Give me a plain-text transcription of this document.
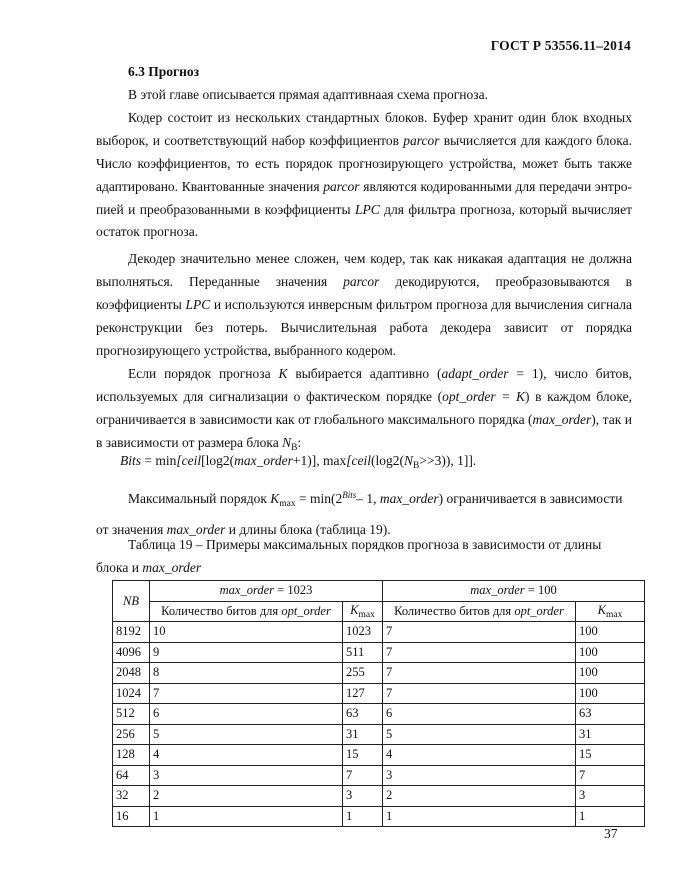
ГОСТ Р 53556.11–2014
6.3 Прогноз

В этой главе описывается прямая адаптивнаая схема прогноза.

Кодер состоит из нескольких стандартных блоков. Буфер хранит один блок входных выборок, и соответствующий набор коэффициентов parcor вычисляется для каждого блока. Число коэффициентов, то есть порядок прогнозирующего устройства, может быть также адаптировано. Квантованные значения parcor являются кодированными для передачи энтропией и преобразованными в коэффициенты LPC для фильтра прогноза, который вычисляет остаток прогноза.

Декодер значительно менее сложен, чем кодер, так как никакая адаптация не должна выполняться. Переданные значения parcor декодируются, преобразовываются в коэффициенты LPC и используются инверсным фильтром прогноза для вычисления сигнала реконструкции без потерь. Вычислительная работа декодера зависит от порядка прогнозирующего устройства, выбранного кодером.

Если порядок прогноза K выбирается адаптивно (adapt_order = 1), число битов, используемых для сигнализации о фактическом порядке (opt_order = K) в каждом блоке, ограничивается в зависимости как от глобального максимального порядка (max_order), так и в зависимости от размера блока $N_B$:

Bits = min[ceil[log2(max_order+1)], $\max[ceil(\log 2(N_B>>3))$, 1]].
Максимальный порядок $K_{max} = \min(2^{Bits}-$ 1, max_order) ограничивается в зависимости
от значения max_order и длины блока (таблица 19).
Таблица 19 – Примеры максимальных порядков прогноза в зависимости от длины блока и max_order
NB	max_order = 1023		max_order = 100	
	Количество битов для opt_order	$K_{max}$	Количество битов для opt_order	$K_{max}$
8192	10	1023	7	100
4096	9	511	7	100
2048	8	255	7	100
1024	7	127	7	100
512	6	63	6	63
256	5	31	5	31
128	4	15	4	15
64	3	7	3	7
32	2	3	2	3
16	1	1	1	1
37
